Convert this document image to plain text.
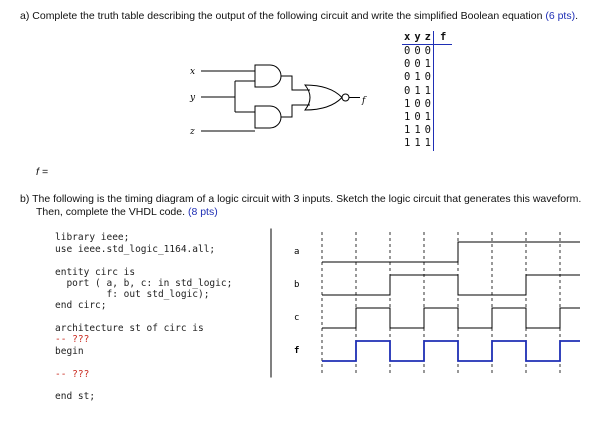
a) Complete the truth table describing the output of the following circuit and write the simplified Boolean equation (6 pts).
x	y	z	f
0	0	0	
0	0	1	
0	1	0	
0	1	1	
1	0	0	
1	0	1	
1	1	0	
1	1	1	
x
y
z
f
f =
b) The following is the timing diagram of a logic circuit with 3 inputs. Sketch the logic circuit that generates this waveform.
Then, complete the VHDL code. (8 pts)
library ieee;
use ieee.std_logic_1164.all;
entity circ is
port ( a, b, c: in std_logic;
f: out std_logic);
end circ;
architecture st of circ is
-- ???
begin
-- ???
end st;
a
b
c
f
